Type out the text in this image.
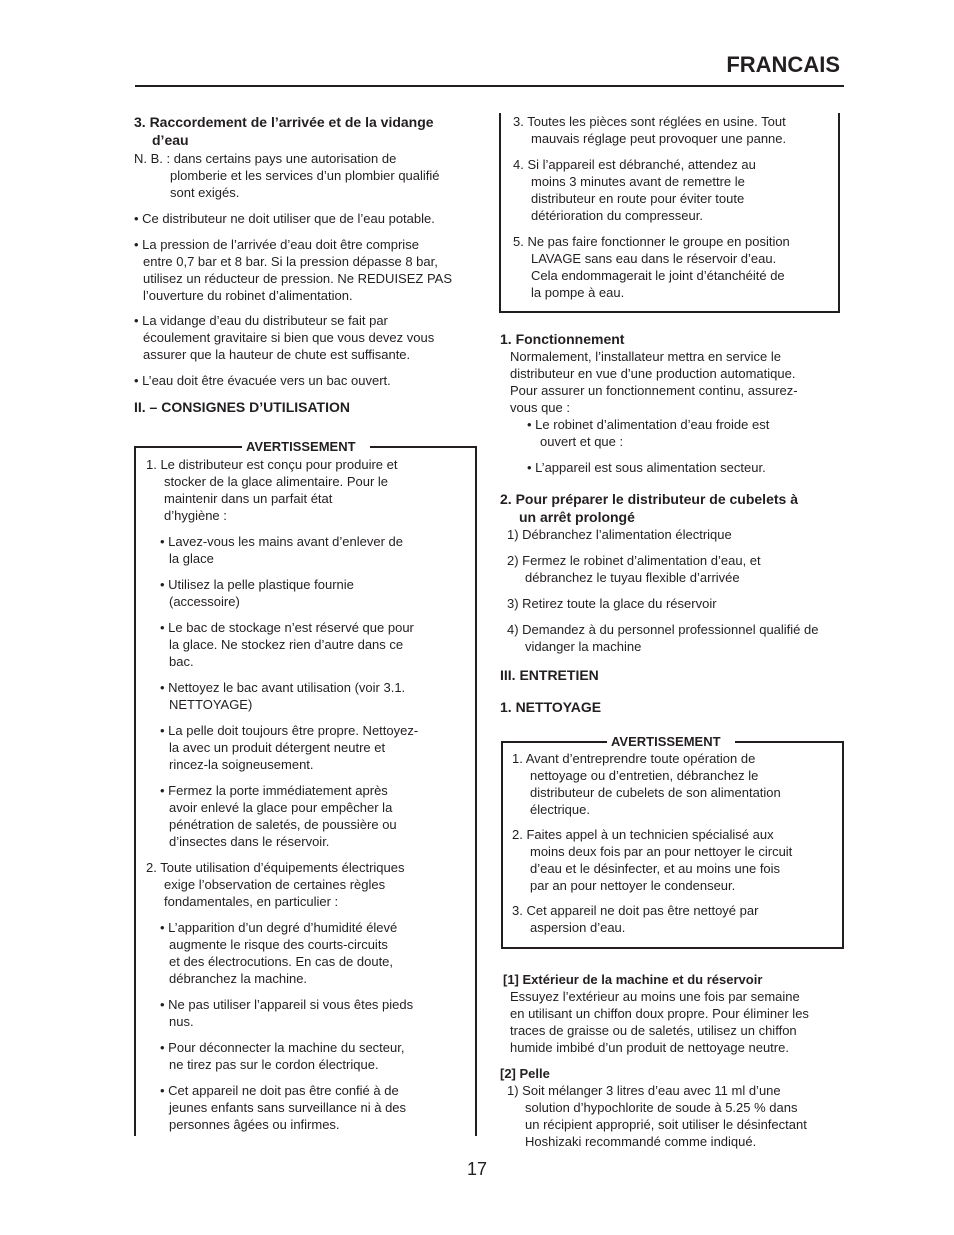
FRANCAIS
3. Raccordement de l’arrivée et de la vidange
d’eau
N. B. : dans certains pays une autorisation de
plomberie et les services d’un plombier qualifié
sont exigés.
• Ce distributeur ne doit utiliser que de l’eau potable.
• La pression de l’arrivée d’eau doit être comprise
entre 0,7 bar et 8 bar. Si la pression dépasse 8 bar,
utilisez un réducteur de pression. Ne REDUISEZ PAS
l’ouverture du robinet d’alimentation.
• La vidange d’eau du distributeur se fait par
écoulement gravitaire si bien que vous devez vous
assurer que la hauteur de chute est suffisante.
• L’eau doit être évacuée vers un bac ouvert.
II. – CONSIGNES D’UTILISATION
AVERTISSEMENT
1. Le distributeur est conçu pour produire et
stocker de la glace alimentaire. Pour le
maintenir dans un parfait état
d’hygiène :
• Lavez-vous les mains avant d’enlever de
la glace
• Utilisez la pelle plastique fournie
(accessoire)
• Le bac de stockage n’est réservé que pour
la glace. Ne stockez rien d’autre dans ce
bac.
• Nettoyez le bac avant utilisation (voir 3.1.
NETTOYAGE)
• La pelle doit toujours être propre. Nettoyez-
la avec un produit détergent neutre et
rincez-la soigneusement.
• Fermez la porte immédiatement après
avoir enlevé la glace pour empêcher la
pénétration de saletés, de poussière ou
d’insectes dans le réservoir.
2. Toute utilisation d’équipements électriques
exige l’observation de certaines règles
fondamentales, en particulier :
• L’apparition d’un degré d’humidité élevé
augmente le risque des courts-circuits
et des électrocutions. En cas de doute,
débranchez la machine.
• Ne pas utiliser l’appareil si vous êtes pieds
nus.
• Pour déconnecter la machine du secteur,
ne tirez pas sur le cordon électrique.
• Cet appareil ne doit pas être confié à de
jeunes enfants sans surveillance ni à des
personnes âgées ou infirmes.
3. Toutes les pièces sont réglées en usine. Tout
mauvais réglage peut provoquer une panne.
4. Si l’appareil est débranché, attendez au
moins 3 minutes avant de remettre le
distributeur en route pour éviter toute
détérioration du compresseur.
5. Ne pas faire fonctionner le groupe en position
LAVAGE sans eau dans le réservoir d’eau.
Cela endommagerait le joint d’étanchéité de
la pompe à eau.
1. Fonctionnement
Normalement, l’installateur mettra en service le
distributeur en vue d’une production automatique.
Pour assurer un fonctionnement continu, assurez-
vous que :
• Le robinet d’alimentation d’eau froide est
ouvert et que :
• L’appareil est sous alimentation secteur.
2. Pour préparer le distributeur de cubelets à
un arrêt prolongé
1) Débranchez l’alimentation électrique
2) Fermez le robinet d’alimentation d’eau, et
débranchez le tuyau flexible d’arrivée
3) Retirez toute la glace du réservoir
4) Demandez à du personnel professionnel qualifié de
vidanger la machine
III. ENTRETIEN
1. NETTOYAGE
AVERTISSEMENT
1. Avant d’entreprendre toute opération de
nettoyage ou d’entretien, débranchez le
distributeur de cubelets de son alimentation
électrique.
2. Faites appel à un technicien spécialisé aux
moins deux fois par an pour nettoyer le circuit
d’eau et le désinfecter, et au moins une fois
par an pour nettoyer le condenseur.
3. Cet appareil ne doit pas être nettoyé par
aspersion d’eau.
[1] Extérieur de la machine et du réservoir
Essuyez l’extérieur au moins une fois par semaine
en utilisant un chiffon doux propre. Pour éliminer les
traces de graisse ou de saletés, utilisez un chiffon
humide imbibé d’un produit de nettoyage neutre.
[2] Pelle
1) Soit mélanger 3 litres d’eau avec 11 ml d’une
solution d’hypochlorite de soude à 5.25 % dans
un récipient approprié, soit utiliser le désinfectant
Hoshizaki recommandé comme indiqué.
17
